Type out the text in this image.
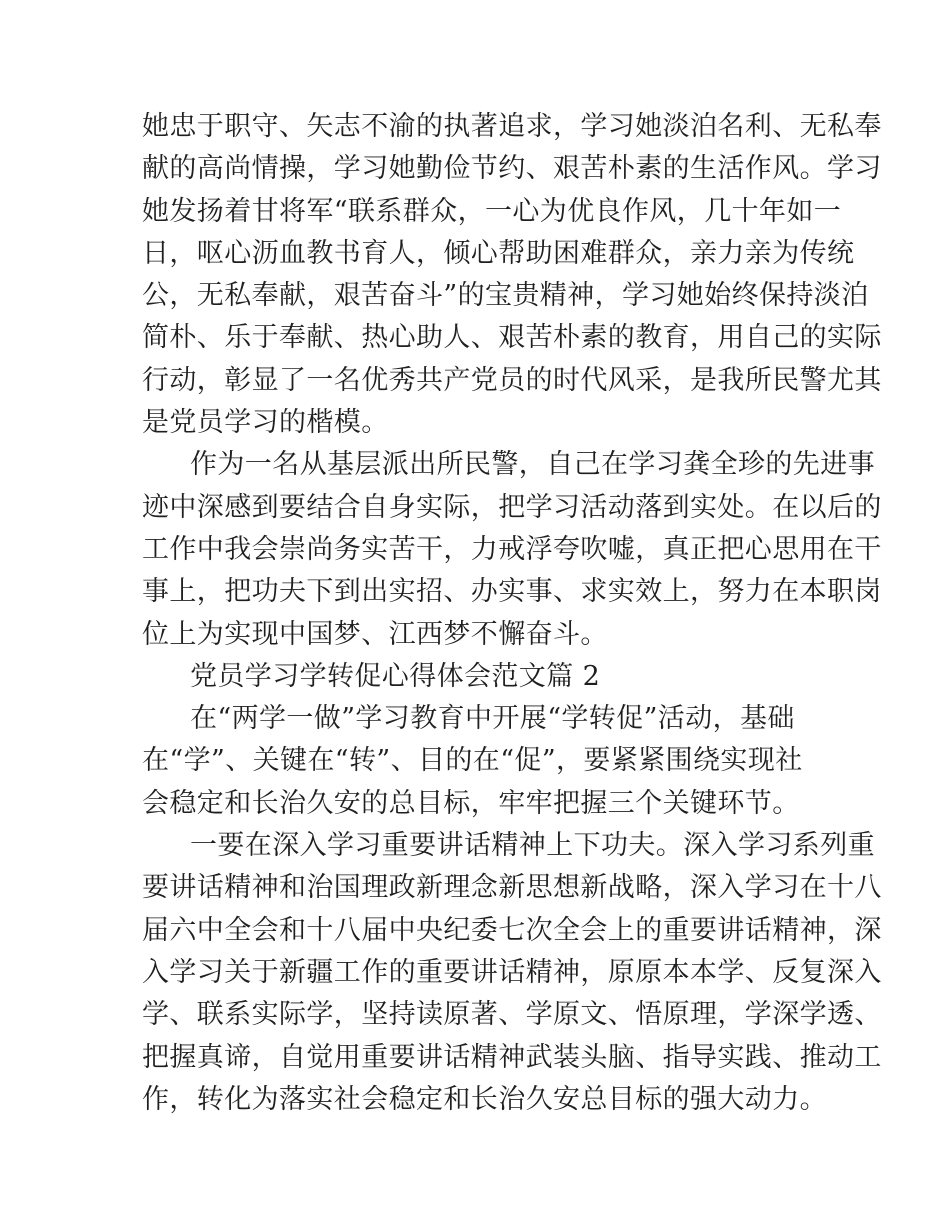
她忠于职守、矢志不渝的执著追求，学习她淡泊名利、无私奉
献的高尚情操，学习她勤俭节约、艰苦朴素的生活作风。学习
她发扬着甘将军“联系群众，一心为优良作风，几十年如一
日，呕心沥血教书育人，倾心帮助困难群众，亲力亲为传统
公，无私奉献，艰苦奋斗”的宝贵精神，学习她始终保持淡泊
简朴、乐于奉献、热心助人、艰苦朴素的教育，用自己的实际
行动，彰显了一名优秀共产党员的时代风采，是我所民警尤其
是党员学习的楷模。
作为一名从基层派出所民警，自己在学习龚全珍的先进事
迹中深感到要结合自身实际，把学习活动落到实处。在以后的
工作中我会崇尚务实苦干，力戒浮夸吹嘘，真正把心思用在干
事上，把功夫下到出实招、办实事、求实效上，努力在本职岗
位上为实现中国梦、江西梦不懈奋斗。
党员学习学转促心得体会范文篇 2
在“两学一做”学习教育中开展“学转促”活动，基础
在“学”、关键在“转”、目的在“促”，要紧紧围绕实现社
会稳定和长治久安的总目标，牢牢把握三个关键环节。
一要在深入学习重要讲话精神上下功夫。深入学习系列重
要讲话精神和治国理政新理念新思想新战略，深入学习在十八
届六中全会和十八届中央纪委七次全会上的重要讲话精神，深
入学习关于新疆工作的重要讲话精神，原原本本学、反复深入
学、联系实际学，坚持读原著、学原文、悟原理，学深学透、
把握真谛，自觉用重要讲话精神武装头脑、指导实践、推动工
作，转化为落实社会稳定和长治久安总目标的强大动力。
